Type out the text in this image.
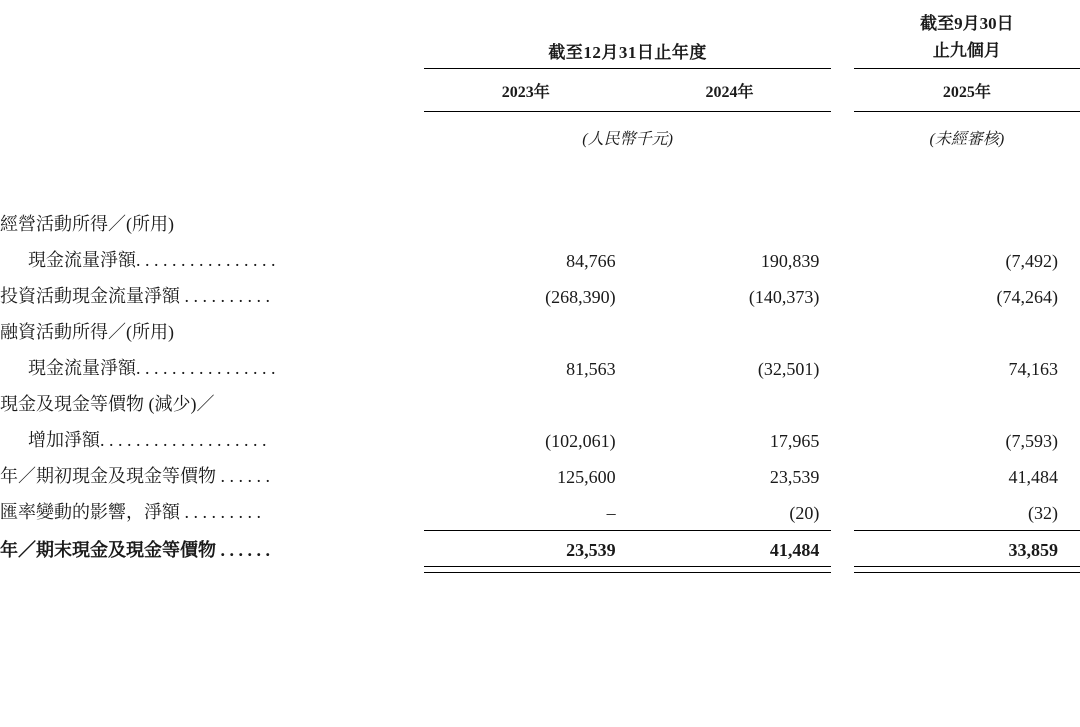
				截至9月30日
	截至12月31日止年度			止九個月

	2023年	2024年		2025年

	(人民幣千元)			(未經審核)

經營活動所得／(所用)				
現金流量淨額. . . . . . . . . . . . . . . .	84,766	190,839		(7,492)
投資活動現金流量淨額 . . . . . . . . . .	(268,390)	(140,373)		(74,264)
融資活動所得／(所用)				
現金流量淨額. . . . . . . . . . . . . . . .	81,563	(32,501)		74,163
現金及現金等價物 (減少)／				
增加淨額. . . . . . . . . . . . . . . . . . .	(102,061)	17,965		(7,593)
年／期初現金及現金等價物 . . . . . .	125,600	23,539		41,484
匯率變動的影響，淨額 . . . . . . . . .	–	(20)		(32)

年／期末現金及現金等價物 . . . . . .	23,539	41,484		33,859
